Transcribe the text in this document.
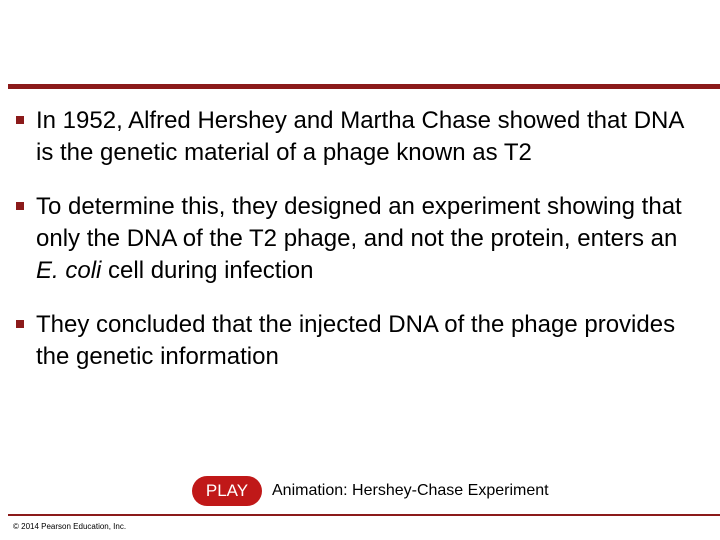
In 1952, Alfred Hershey and Martha Chase showed that DNA is the genetic material of a phage known as T2
To determine this, they designed an experiment showing that only the DNA of the T2 phage, and not the protein, enters an E. coli cell during infection
They concluded that the injected DNA of the phage provides the genetic information
PLAY	Animation: Hershey-Chase Experiment
© 2014 Pearson Education, Inc.
